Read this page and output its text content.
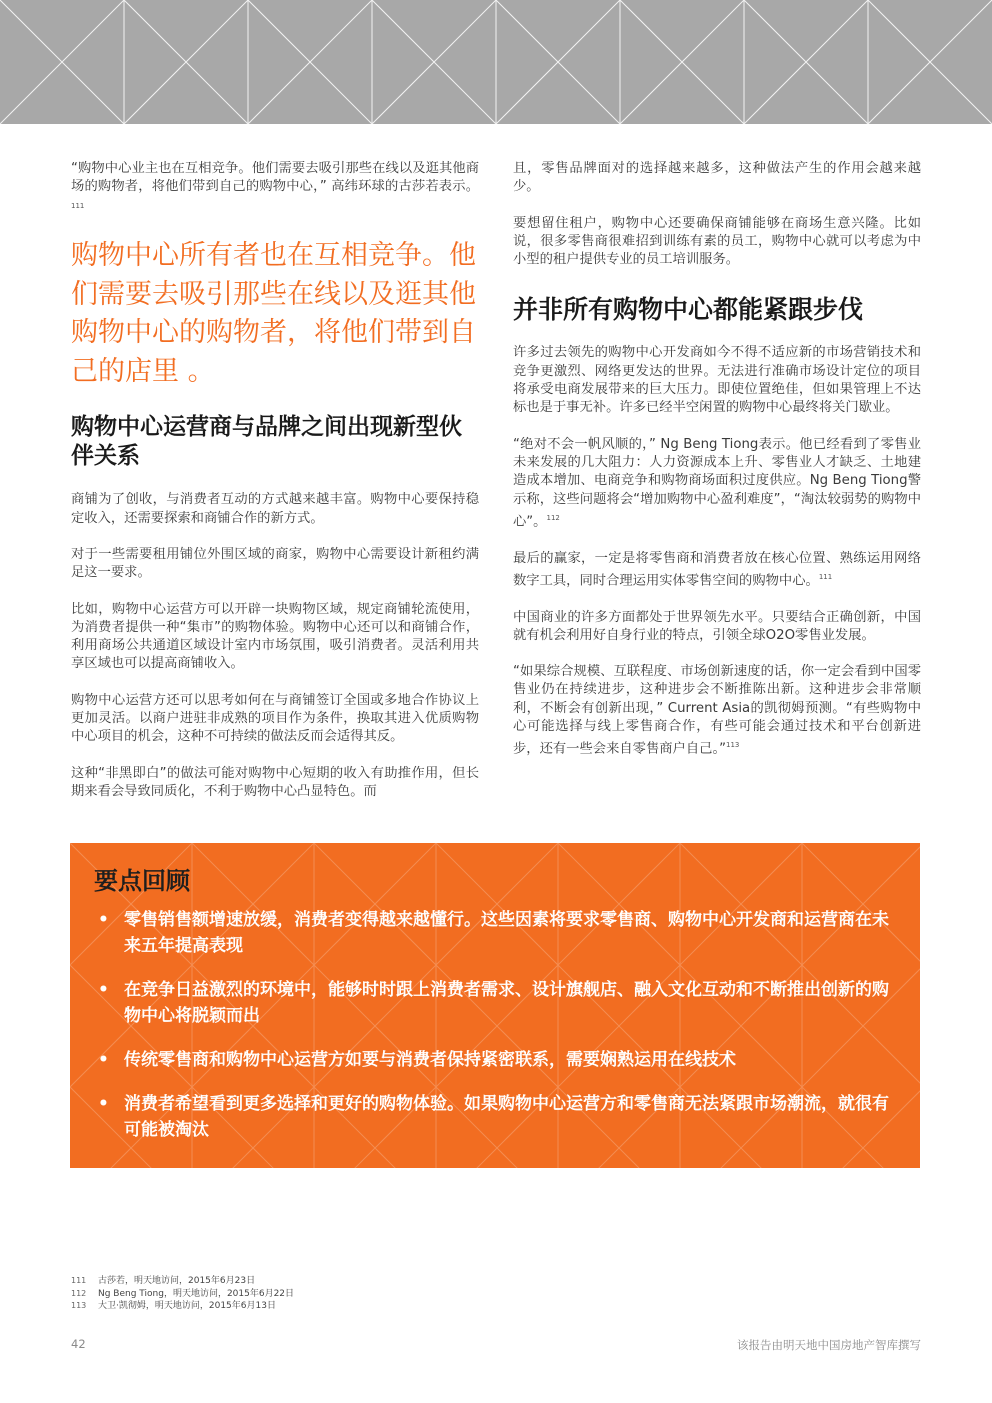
“购物中心业主也在互相竞争。他们需要去吸引那些在线以及逛其他商场的购物者，将他们带到自己的购物中心，” 高纬环球的古莎若表示。$^{111}$

购物中心所有者也在互相竞争。他们需要去吸引那些在线以及逛其他购物中心的购物者，将他们带到自己的店里 。
购物中心运营商与品牌之间出现新型伙伴关系

商铺为了创收，与消费者互动的方式越来越丰富。购物中心要保持稳定收入，还需要探索和商铺合作的新方式。

对于一些需要租用铺位外围区域的商家，购物中心需要设计新租约满足这一要求。

比如，购物中心运营方可以开辟一块购物区域，规定商铺轮流使用，为消费者提供一种“集市”的购物体验。购物中心还可以和商铺合作，利用商场公共通道区域设计室内市场氛围，吸引消费者。灵活利用共享区域也可以提高商铺收入。

购物中心运营方还可以思考如何在与商铺签订全国或多地合作协议上更加灵活。以商户进驻非成熟的项目作为条件，换取其进入优质购物中心项目的机会，这种不可持续的做法反而会适得其反。

这种“非黑即白”的做法可能对购物中心短期的收入有助推作用，但长期来看会导致同质化，不利于购物中心凸显特色。而

且，零售品牌面对的选择越来越多，这种做法产生的作用会越来越少。

要想留住租户，购物中心还要确保商铺能够在商场生意兴隆。比如说，很多零售商很难招到训练有素的员工，购物中心就可以考虑为中小型的租户提供专业的员工培训服务。

并非所有购物中心都能紧跟步伐

许多过去领先的购物中心开发商如今不得不适应新的市场营销技术和竞争更激烈、网络更发达的世界。无法进行准确市场设计定位的项目将承受电商发展带来的巨大压力。即使位置绝佳，但如果管理上不达标也是于事无补。许多已经半空闲置的购物中心最终将关门歇业。

“绝对不会一帆风顺的，” Ng Beng Tiong表示。他已经看到了零售业未来发展的几大阻力：人力资源成本上升、零售业人才缺乏、土地建造成本增加、电商竞争和购物商场面积过度供应。Ng Beng Tiong警示称，这些问题将会“增加购物中心盈利难度”，“淘汰较弱势的购物中心”。$^{112}$

最后的赢家，一定是将零售商和消费者放在核心位置、熟练运用网络数字工具，同时合理运用实体零售空间的购物中心。$^{111}$

中国商业的许多方面都处于世界领先水平。只要结合正确创新，中国就有机会利用好自身行业的特点，引领全球O2O零售业发展。

“如果综合规模、互联程度、市场创新速度的话，你一定会看到中国零售业仍在持续进步，这种进步会不断推陈出新。这种进步会非常顺利，不断会有创新出现，” Current Asia的凯彻姆预测。“有些购物中心可能选择与线上零售商合作，有些可能会通过技术和平台创新进步，还有一些会来自零售商户自己。”$^{113}$

要点回顾
• 零售销售额增速放缓，消费者变得越来越懂行。这些因素将要求零售商、购物中心开发商和运营商在未来五年提高表现
• 在竞争日益激烈的环境中，能够时时跟上消费者需求、设计旗舰店、融入文化互动和不断推出创新的购物中心将脱颖而出
• 传统零售商和购物中心运营方如要与消费者保持紧密联系，需要娴熟运用在线技术
• 消费者希望看到更多选择和更好的购物体验。如果购物中心运营方和零售商无法紧跟市场潮流，就很有可能被淘汰
111	古莎若，明天地访问，2015年6月23日
112	Ng Beng Tiong，明天地访问，2015年6月22日
113	大卫·凯彻姆，明天地访问，2015年6月13日
42	该报告由明天地中国房地产智库撰写
